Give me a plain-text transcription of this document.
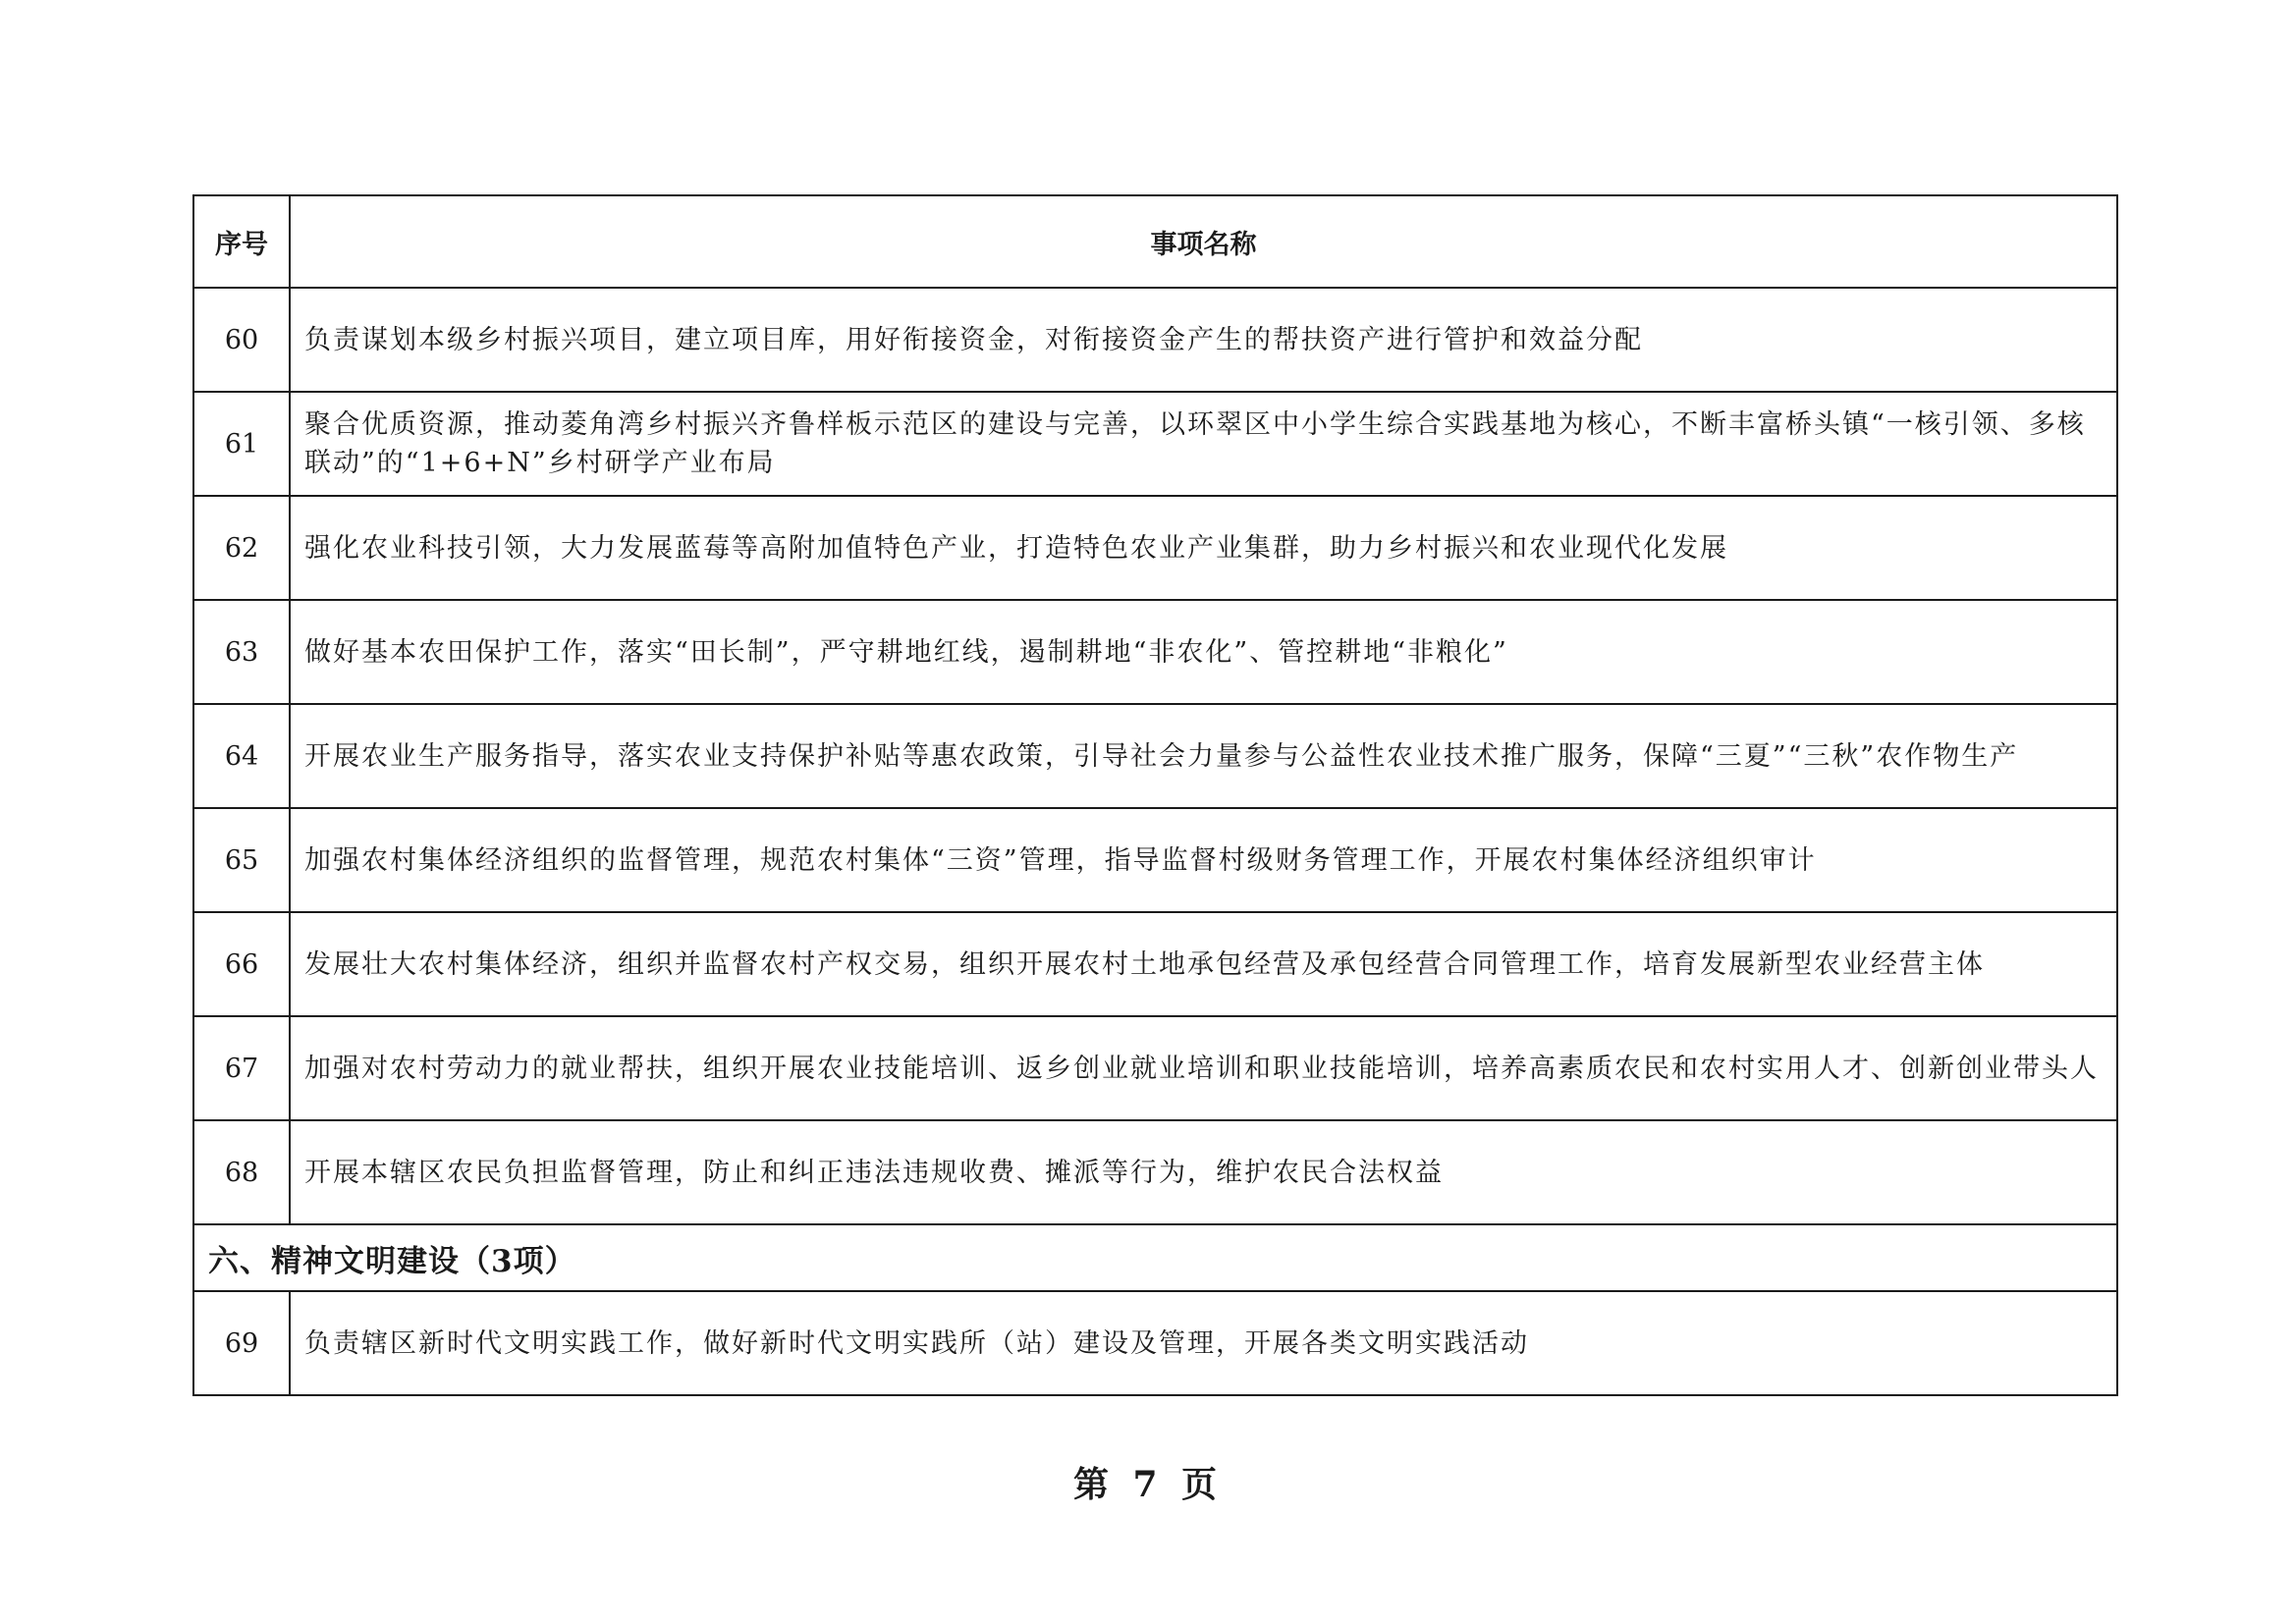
序号	事项名称
60	负责谋划本级乡村振兴项目，建立项目库，用好衔接资金，对衔接资金产生的帮扶资产进行管护和效益分配
61	聚合优质资源，推动菱角湾乡村振兴齐鲁样板示范区的建设与完善，以环翠区中小学生综合实践基地为核心，不断丰富桥头镇“一核引领、多核联动”的“1+6+N”乡村研学产业布局
62	强化农业科技引领，大力发展蓝莓等高附加值特色产业，打造特色农业产业集群，助力乡村振兴和农业现代化发展
63	做好基本农田保护工作，落实“田长制”，严守耕地红线，遏制耕地“非农化”、管控耕地“非粮化”
64	开展农业生产服务指导，落实农业支持保护补贴等惠农政策，引导社会力量参与公益性农业技术推广服务，保障“三夏”“三秋”农作物生产
65	加强农村集体经济组织的监督管理，规范农村集体“三资”管理，指导监督村级财务管理工作，开展农村集体经济组织审计
66	发展壮大农村集体经济，组织并监督农村产权交易，组织开展农村土地承包经营及承包经营合同管理工作，培育发展新型农业经营主体
67	加强对农村劳动力的就业帮扶，组织开展农业技能培训、返乡创业就业培训和职业技能培训，培养高素质农民和农村实用人才、创新创业带头人
68	开展本辖区农民负担监督管理，防止和纠正违法违规收费、摊派等行为，维护农民合法权益
六、精神文明建设（3项）	
69	负责辖区新时代文明实践工作，做好新时代文明实践所（站）建设及管理，开展各类文明实践活动
第 7 页
